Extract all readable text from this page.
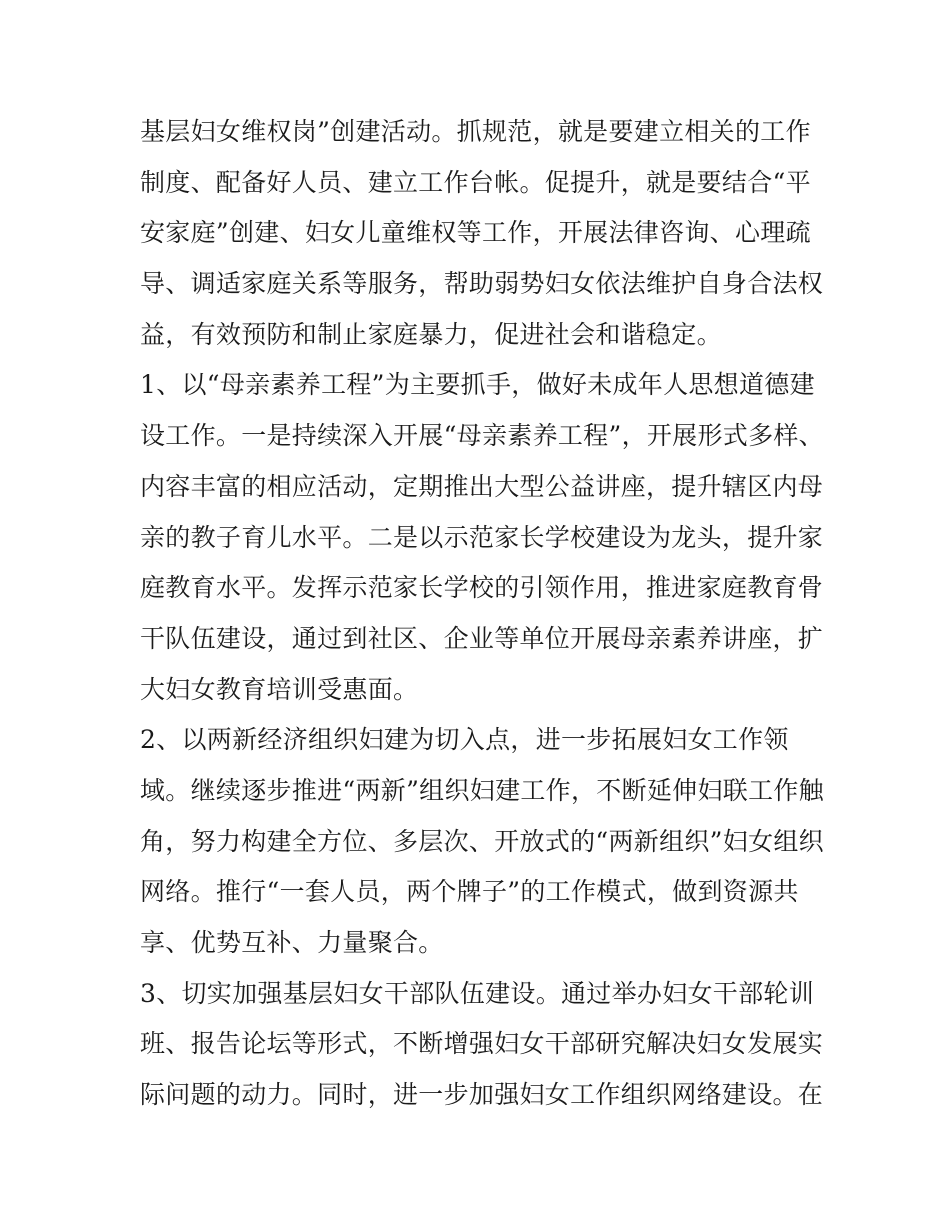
基层妇女维权岗”创建活动。抓规范，就是要建立相关的工作
制度、配备好人员、建立工作台帐。促提升，就是要结合“平
安家庭”创建、妇女儿童维权等工作，开展法律咨询、心理疏
导、调适家庭关系等服务，帮助弱势妇女依法维护自身合法权
益，有效预防和制止家庭暴力，促进社会和谐稳定。
1、以“母亲素养工程”为主要抓手，做好未成年人思想道德建
设工作。一是持续深入开展“母亲素养工程”，开展形式多样、
内容丰富的相应活动，定期推出大型公益讲座，提升辖区内母
亲的教子育儿水平。二是以示范家长学校建设为龙头，提升家
庭教育水平。发挥示范家长学校的引领作用，推进家庭教育骨
干队伍建设，通过到社区、企业等单位开展母亲素养讲座，扩
大妇女教育培训受惠面。
2、以两新经济组织妇建为切入点，进一步拓展妇女工作领
域。继续逐步推进“两新”组织妇建工作，不断延伸妇联工作触
角，努力构建全方位、多层次、开放式的“两新组织”妇女组织
网络。推行“一套人员，两个牌子”的工作模式，做到资源共
享、优势互补、力量聚合。
3、切实加强基层妇女干部队伍建设。通过举办妇女干部轮训
班、报告论坛等形式，不断增强妇女干部研究解决妇女发展实
际问题的动力。同时，进一步加强妇女工作组织网络建设。在
